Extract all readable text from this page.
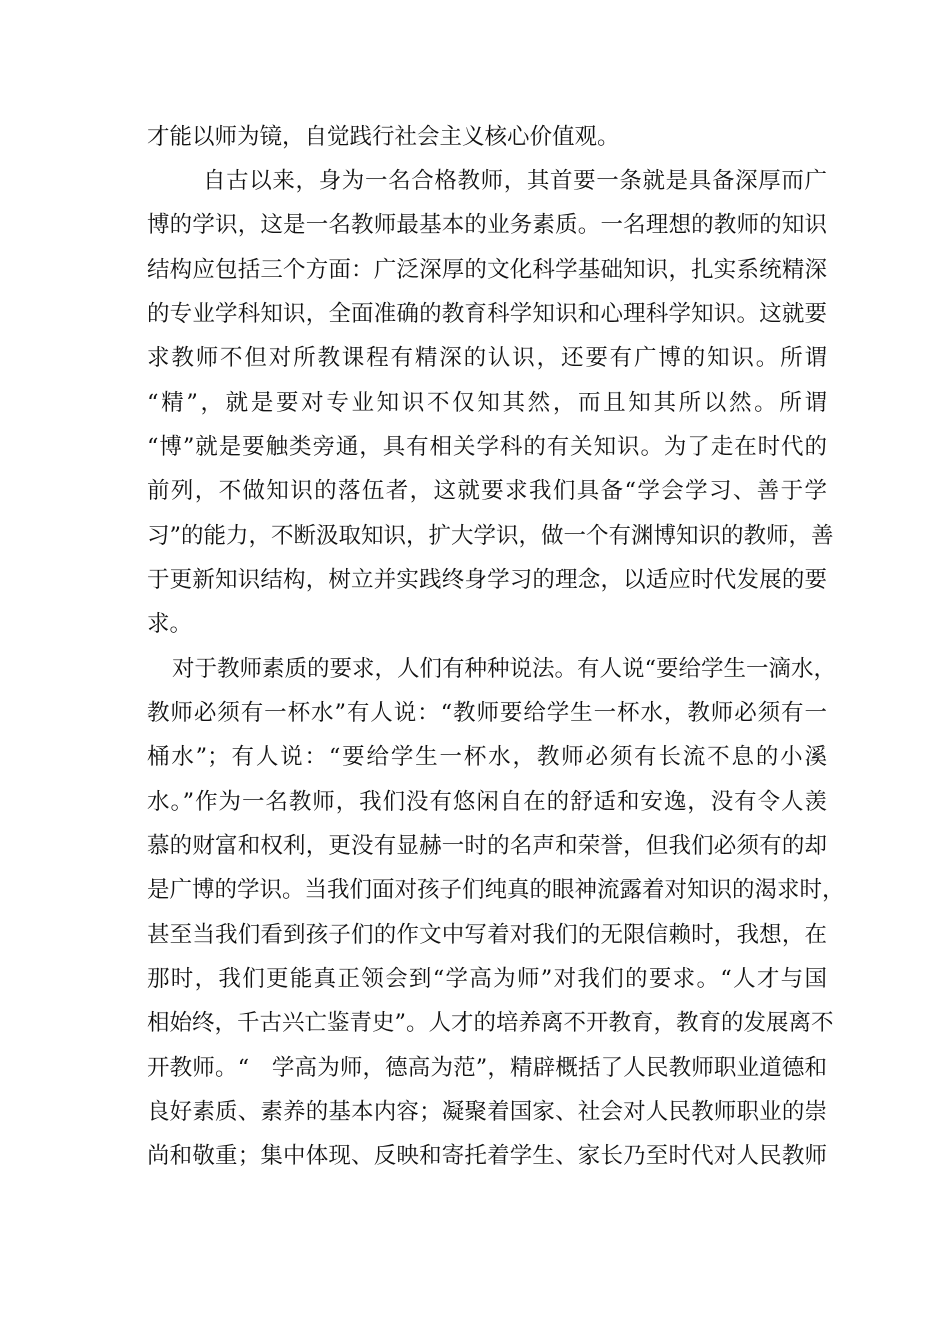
才能以师为镜，自觉践行社会主义核心价值观。
自古以来，身为一名合格教师，其首要一条就是具备深厚而广
博的学识，这是一名教师最基本的业务素质。一名理想的教师的知识
结构应包括三个方面：广泛深厚的文化科学基础知识，扎实系统精深
的专业学科知识，全面准确的教育科学知识和心理科学知识。这就要
求教师不但对所教课程有精深的认识，还要有广博的知识。所谓
“精”，就是要对专业知识不仅知其然，而且知其所以然。所谓
“博”就是要触类旁通，具有相关学科的有关知识。为了走在时代的
前列，不做知识的落伍者，这就要求我们具备“学会学习、善于学
习”的能力，不断汲取知识，扩大学识，做一个有渊博知识的教师，善
于更新知识结构，树立并实践终身学习的理念，以适应时代发展的要
求。
对于教师素质的要求，人们有种种说法。有人说“要给学生一滴水，
教师必须有一杯水”有人说：“教师要给学生一杯水，教师必须有一
桶水”；有人说：“要给学生一杯水，教师必须有长流不息的小溪
水。”作为一名教师，我们没有悠闲自在的舒适和安逸，没有令人羡
慕的财富和权利，更没有显赫一时的名声和荣誉，但我们必须有的却
是广博的学识。当我们面对孩子们纯真的眼神流露着对知识的渴求时，
甚至当我们看到孩子们的作文中写着对我们的无限信赖时，我想，在
那时，我们更能真正领会到“学高为师”对我们的要求。“人才与国
相始终，千古兴亡鉴青史”。人才的培养离不开教育，教育的发展离不
开教师。“　学高为师，德高为范”，精辟概括了人民教师职业道德和
良好素质、素养的基本内容；凝聚着国家、社会对人民教师职业的崇
尚和敬重；集中体现、反映和寄托着学生、家长乃至时代对人民教师
